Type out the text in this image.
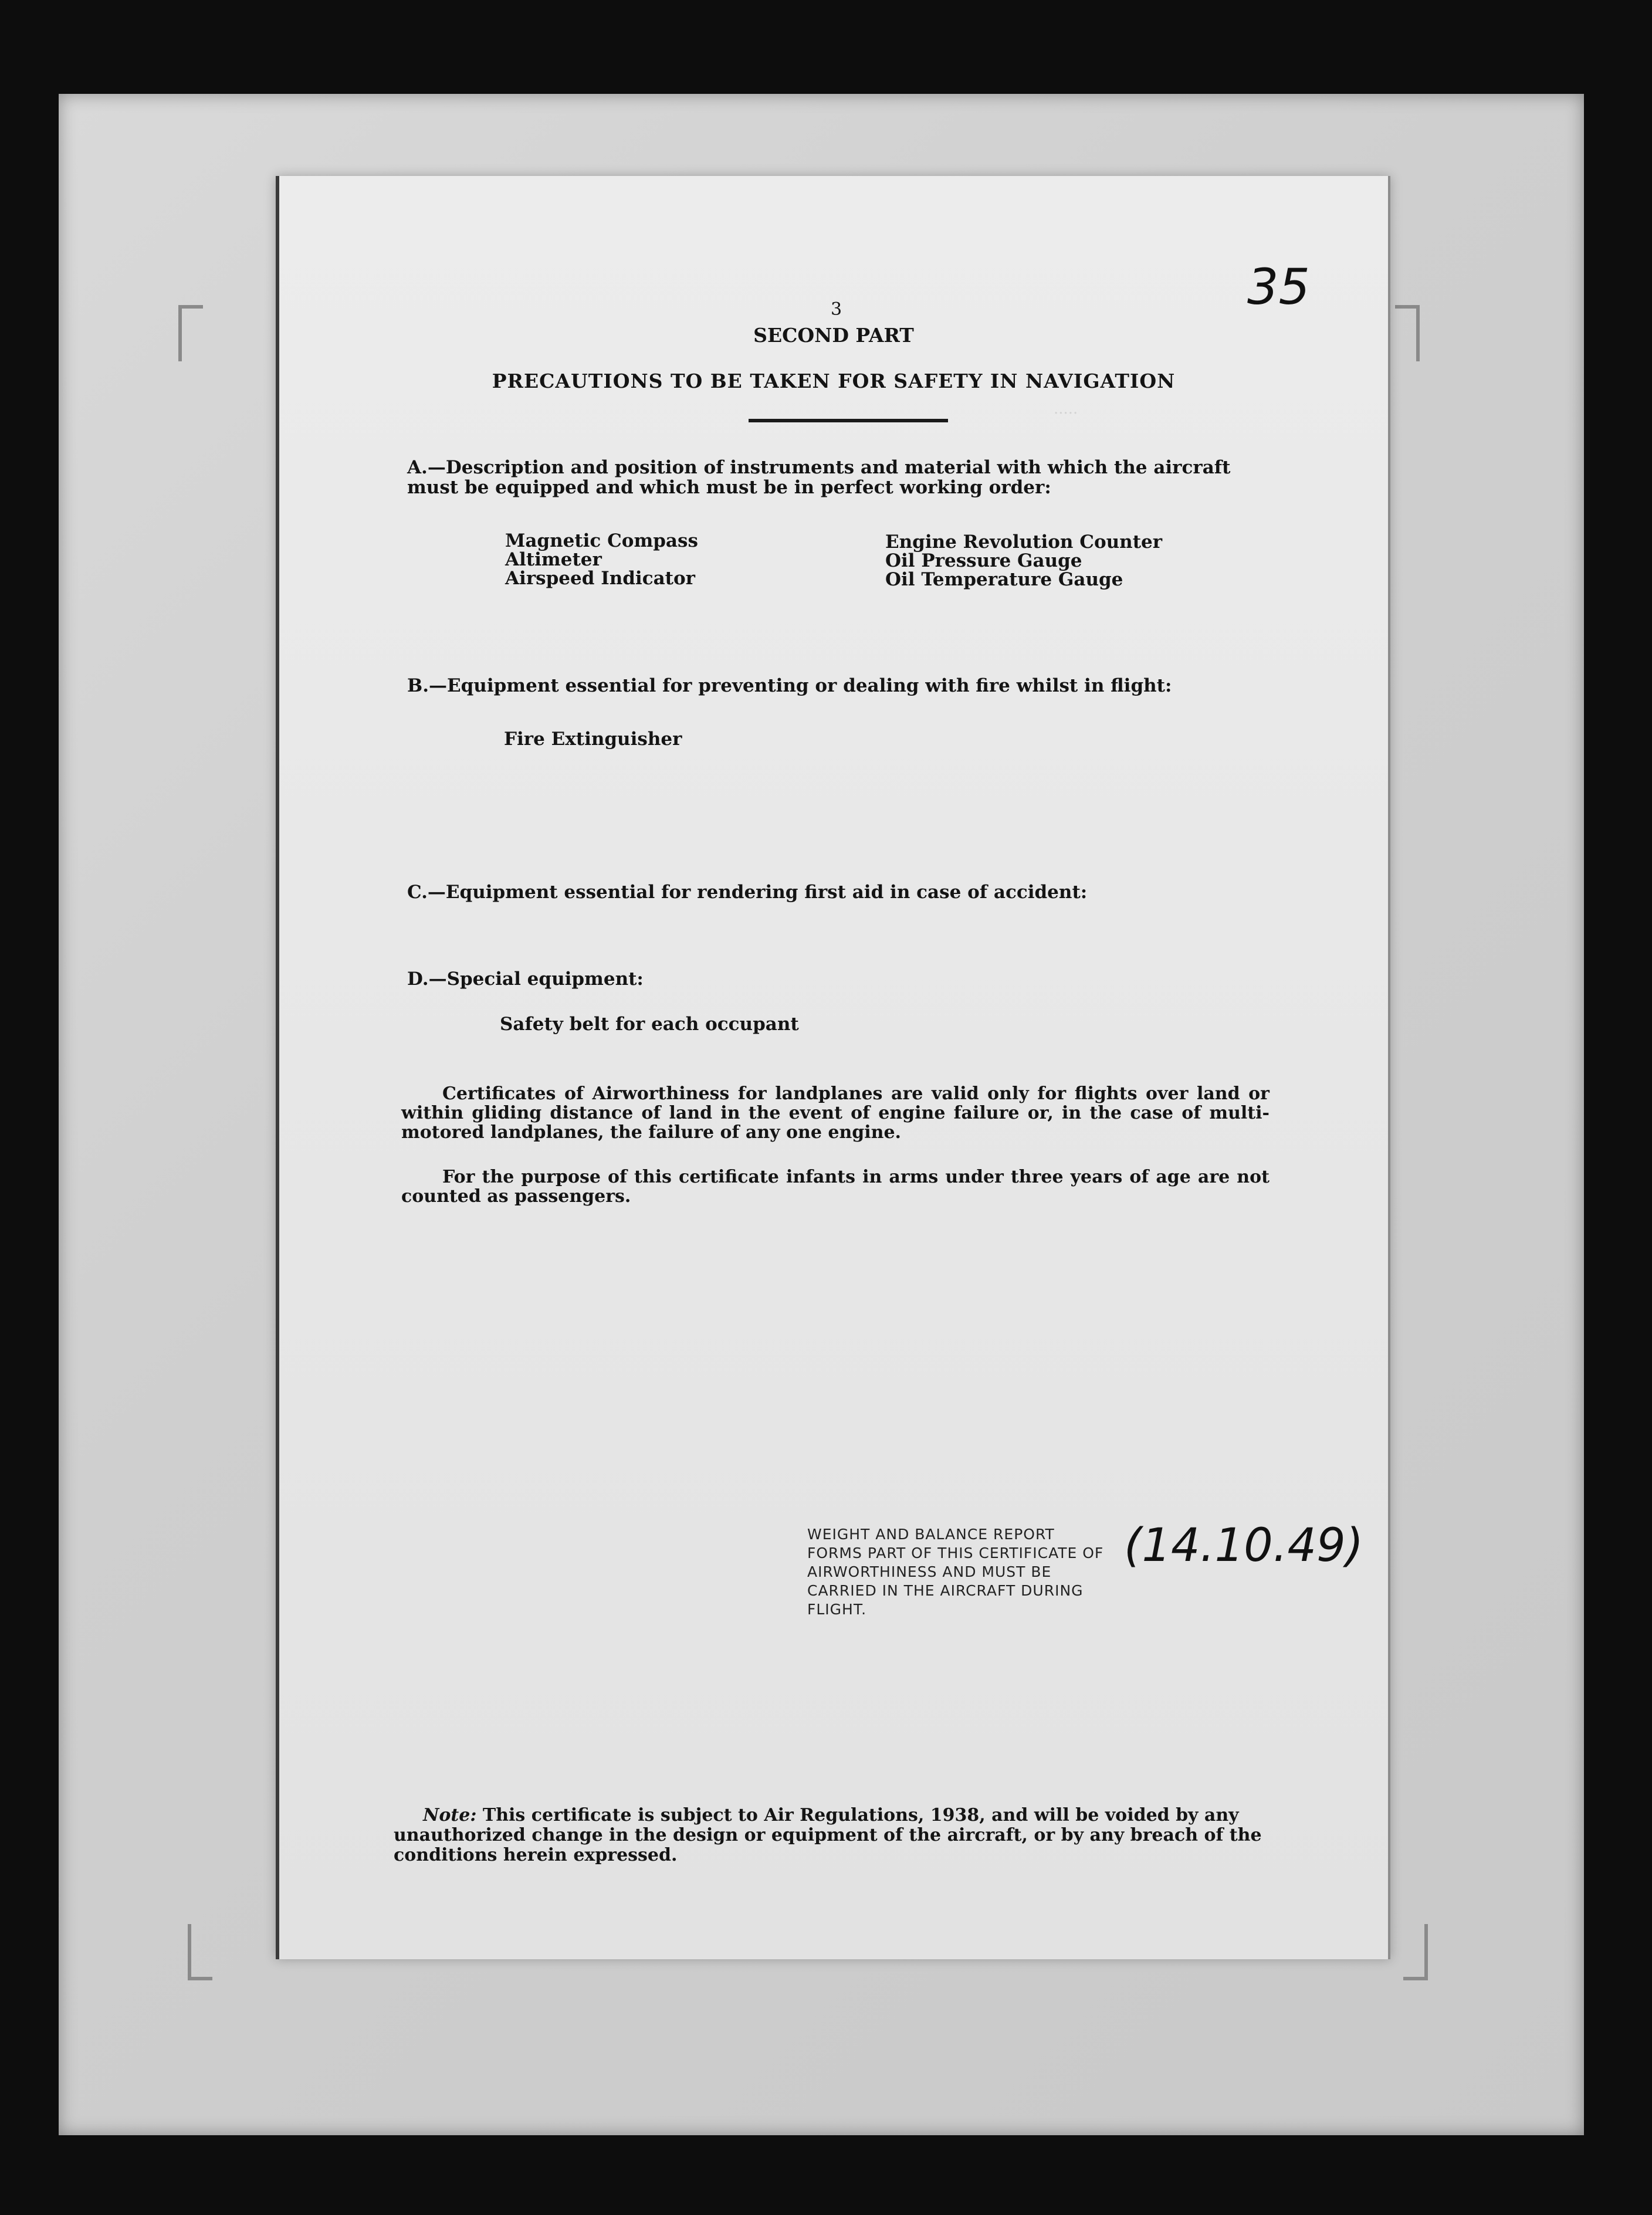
·····
35
3
SECOND PART
PRECAUTIONS TO BE TAKEN FOR SAFETY IN NAVIGATION
A.—Description and position of instruments and material with which the aircraft must be equipped and which must be in perfect working order:
Magnetic Compass
Altimeter
Airspeed Indicator
Engine Revolution Counter
Oil Pressure Gauge
Oil Temperature Gauge
B.—Equipment essential for preventing or dealing with fire whilst in flight:
Fire Extinguisher
C.—Equipment essential for rendering first aid in case of accident:
D.—Special equipment:
Safety belt for each occupant
Certificates of Airworthiness for landplanes are valid only for flights over land or within gliding distance of land in the event of engine failure or, in the case of multi-motored landplanes, the failure of any one engine.
For the purpose of this certificate infants in arms under three years of age are not counted as passengers.
WEIGHT AND BALANCE REPORT FORMS PART OF THIS CERTIFICATE OF AIRWORTHINESS AND MUST BE CARRIED IN THE AIRCRAFT DURING FLIGHT.
(14.10.49)
Note: This certificate is subject to Air Regulations, 1938, and will be voided by any unauthorized change in the design or equipment of the aircraft, or by any breach of the conditions herein expressed.
